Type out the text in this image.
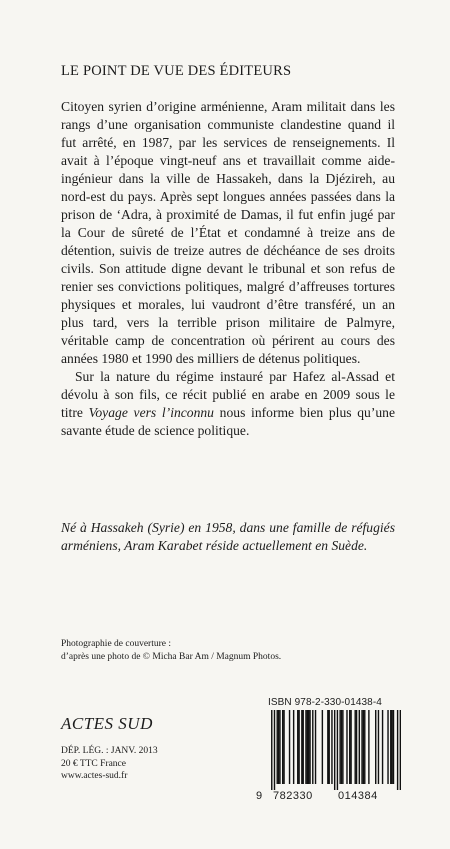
LE POINT DE VUE DES ÉDITEURS

Citoyen syrien d’origine arménienne, Aram militait dans les rangs d’une organisation communiste clandestine quand il fut arrêté, en 1987, par les services de renseignements. Il avait à l’époque vingt-neuf ans et travaillait comme aide-ingénieur dans la ville de Hassakeh, dans la Djézireh, au nord-est du pays. Après sept longues années passées dans la prison de ‘Adra, à proximité de Damas, il fut enfin jugé par la Cour de sûreté de l’État et condamné à treize ans de détention, suivis de treize autres de déchéance de ses droits civils. Son attitude digne devant le tribunal et son refus de renier ses convictions politiques, malgré d’affreuses tortures physiques et morales, lui vaudront d’être transféré, un an plus tard, vers la terrible prison militaire de Palmyre, véritable camp de concentration où périrent au cours des années 1980 et 1990 des milliers de détenus politiques.

Sur la nature du régime instauré par Hafez al-Assad et dévolu à son fils, ce récit publié en arabe en 2009 sous le titre Voyage vers l’inconnu nous informe bien plus qu’une savante étude de science politique.

Né à Hassakeh (Syrie) en 1958, dans une famille de réfugiés arméniens, Aram Karabet réside actuellement en Suède.
Photographie de couverture :
d’après une photo de © Micha Bar Am / Magnum Photos.
ACTES SUD
DÉP. LÉG. : JANV. 2013
20 € TTC France
www.actes-sud.fr
ISBN 978-2-330-01438-4
9 782330 014384
